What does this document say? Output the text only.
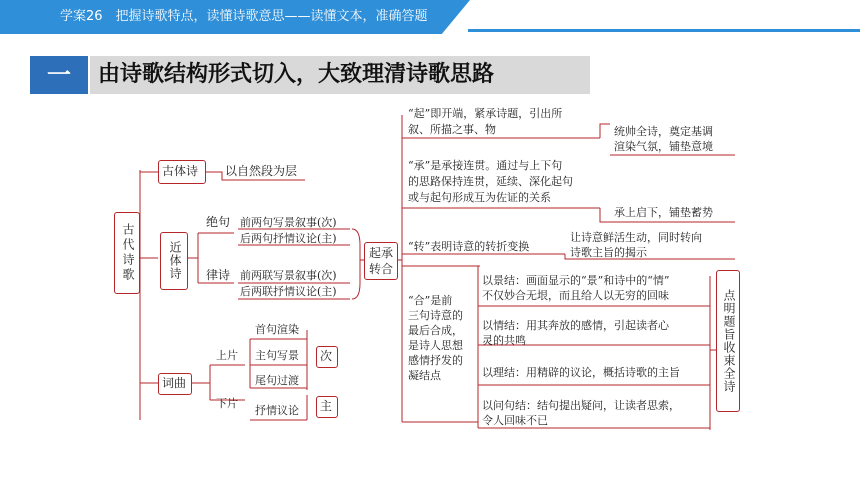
学案26　把握诗歌特点，读懂诗歌意思——读懂文本，准确答题
一	由诗歌结构形式切入，大致理清诗歌思路
古代诗歌
古体诗 以自然段为层
近体诗
绝句 前两句写景叙事(次)
后两句抒情议论(主)
律诗 前两联写景叙事(次)
后两联抒情议论(主)
起承转合
词曲
上片
下片
首句渲染
主句写景
尾句过渡
抒情议论
次
主
“起”即开端，紧承诗题，引出所
叙、所描之事、物	统帅全诗，奠定基调
渲染气氛，铺垫意境
“承”是承接连贯。通过与上下句
的思路保持连贯，延续、深化起句
或与起句形成互为佐证的关系
承上启下，铺垫蓄势
“转”表明诗意的转折变换
让诗意鲜活生动，同时转向
诗歌主旨的揭示
“合”是前
三句诗意的
最后合成，
是诗人思想
感情抒发的
凝结点
以景结：画面显示的“景”和诗中的“情”
不仅妙合无垠，而且给人以无穷的回味
以情结：用其奔放的感情，引起读者心
灵的共鸣
以理结：用精辟的议论，概括诗歌的主旨
以问句结：结句提出疑问，让读者思索，
令人回味不已
点明题旨收束全诗
